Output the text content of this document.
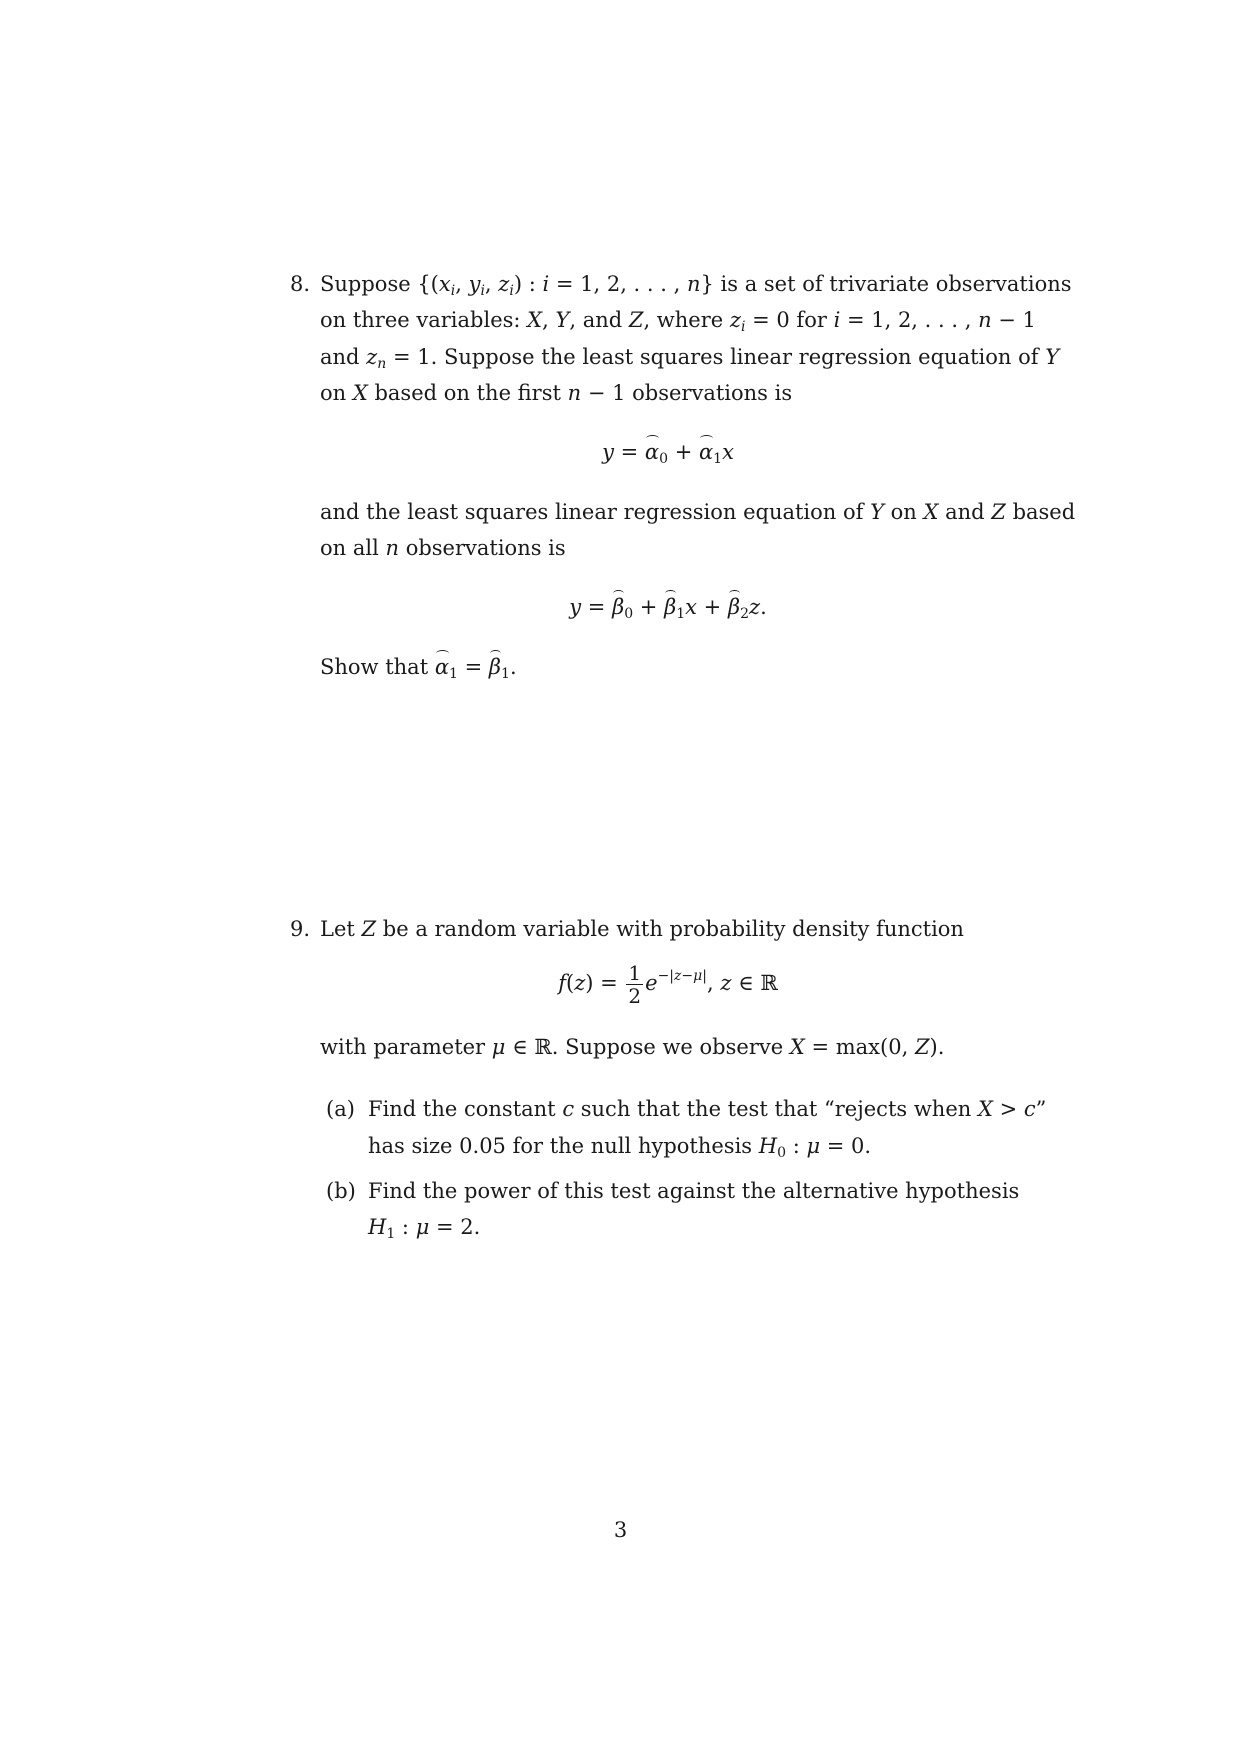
8. Suppose {($x_i$, $y_i$, $z_i$) : i = 1, 2, . . . , n} is a set of trivariate observations
on three variables: X, Y, and Z, where $z_i = 0$ for i = 1, 2, . . . , n − 1
and $z_n = 1$. Suppose the least squares linear regression equation of Y
on X based on the first n − 1 observations is
$y = \alpha_0 + \alpha_1x$
and the least squares linear regression equation of Y on X and Z based
on all n observations is
$y = \beta_0 + \beta_1x + \beta_2z$.
Show that $\alpha_1 = \beta_1$.
9. Let Z be a random variable with probability density function
$f(z) = \frac{1}{2} e^{-|z-\mu|}$, z ∈ ℝ
with parameter μ ∈ ℝ. Suppose we observe X = max(0, Z).
(a) Find the constant c such that the test that “rejects when X > c”
has size 0.05 for the null hypothesis $H_0$ : μ = 0.
(b) Find the power of this test against the alternative hypothesis
$H_1$ : μ = 2.
3
